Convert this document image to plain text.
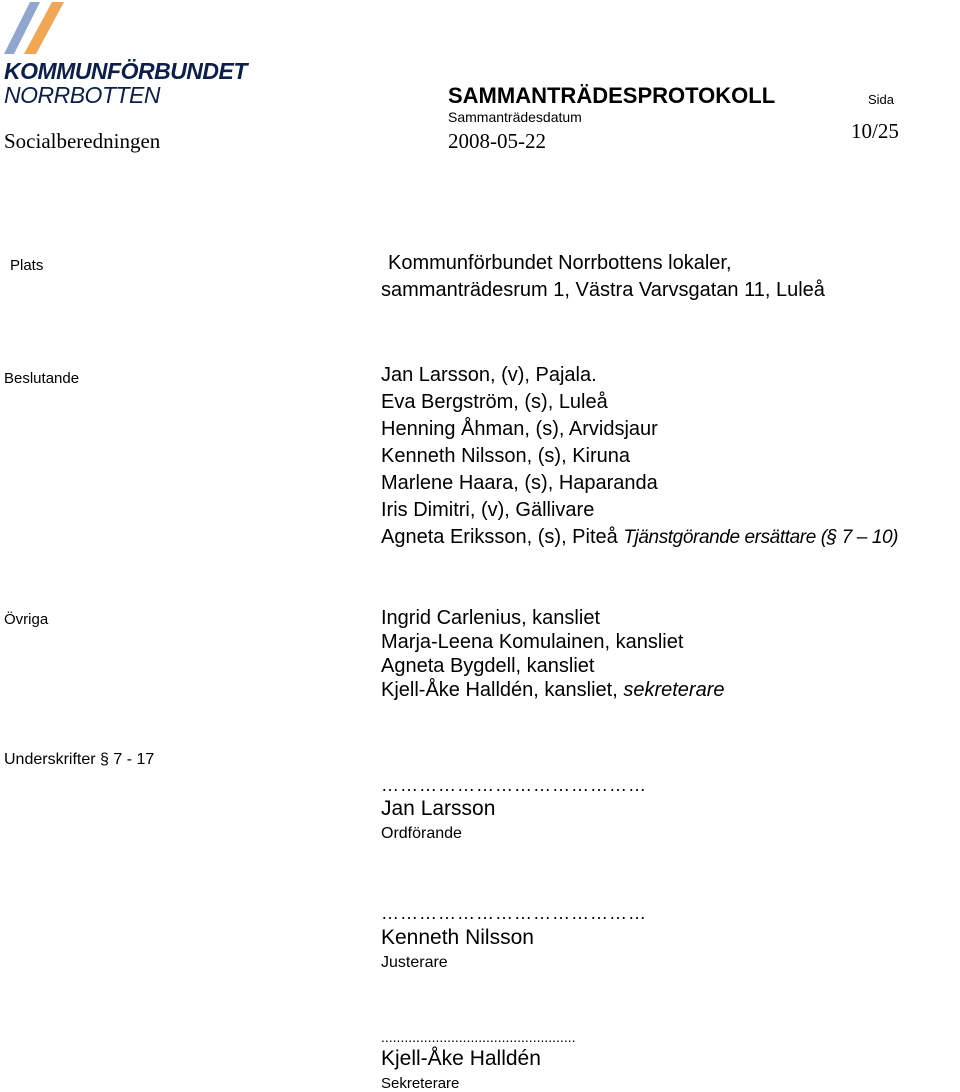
KOMMUNFÖRBUNDET
NORRBOTTEN	SAMMANTRÄDESPROTOKOLL
Sammanträdesdatum
2008-05-22
Sida
10/25
Socialberedningen
Plats	Kommunförbundet Norrbottens lokaler,
sammanträdesrum 1, Västra Varvsgatan 11, Luleå
Beslutande	Jan Larsson, (v), Pajala.
Eva Bergström, (s), Luleå
Henning Åhman, (s), Arvidsjaur
Kenneth Nilsson, (s), Kiruna
Marlene Haara, (s), Haparanda
Iris Dimitri, (v), Gällivare
Agneta Eriksson, (s), Piteå Tjänstgörande ersättare (§ 7 – 10)
Övriga	Ingrid Carlenius, kansliet
Marja-Leena Komulainen, kansliet
Agneta Bygdell, kansliet
Kjell-Åke Halldén, kansliet, sekreterare
Underskrifter § 7 - 17
……………………………………
Jan Larsson
Ordförande
……………………………………
Kenneth Nilsson
Justerare
..................................................
Kjell-Åke Halldén
Sekreterare
